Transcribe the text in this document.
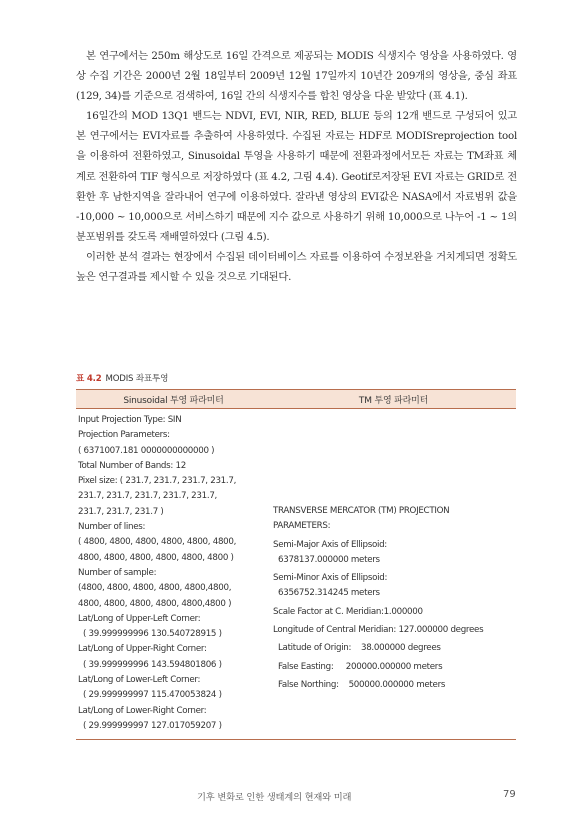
본 연구에서는 250m 해상도로 16일 간격으로 제공되는 MODIS 식생지수 영상을 사용하였다. 영상 수집 기간은 2000년 2월 18일부터 2009년 12월 17일까지 10년간 209개의 영상을, 중심 좌표 (129, 34)를 기준으로 검색하여, 16일 간의 식생지수를 합친 영상을 다운 받았다 (표 4.1).

16일간의 MOD 13Q1 밴드는 NDVI, EVI, NIR, RED, BLUE 등의 12개 밴드로 구성되어 있고 본 연구에서는 EVI자료를 추출하여 사용하였다. 수집된 자료는 HDF로 MODISreprojection tool을 이용하여 전환하였고, Sinusoidal 투영을 사용하기 때문에 전환과정에서모든 자료는 TM좌표 체계로 전환하여 TIF 형식으로 저장하였다 (표 4.2, 그림 4.4). Geotif로저장된 EVI 자료는 GRID로 전환한 후 남한지역을 잘라내어 연구에 이용하였다. 잘라낸 영상의 EVI값은 NASA에서 자료범위 값을 -10,000 ~ 10,000으로 서비스하기 때문에 지수 값으로 사용하기 위해 10,000으로 나누어 -1 ~ 1의 분포범위를 갖도록 재배열하였다 (그림 4.5).

이러한 분석 결과는 현장에서 수집된 데이터베이스 자료를 이용하여 수정보완을 거치게되면 정확도 높은 연구결과를 제시할 수 있을 것으로 기대된다.

표 4.2 MODIS 좌표투영
Sinusoidal 투영 파라미터	TM 투영 파라미터
Input Projection Type: SIN
Projection Parameters:
( 6371007.181 0000000000000 )
Total Number of Bands: 12
Pixel size: ( 231.7, 231.7, 231.7, 231.7,
231.7, 231.7, 231.7, 231.7, 231.7,
231.7, 231.7, 231.7 )
Number of lines:
( 4800, 4800, 4800, 4800, 4800, 4800,
4800, 4800, 4800, 4800, 4800, 4800 )
Number of sample:
(4800, 4800, 4800, 4800, 4800,4800,
4800, 4800, 4800, 4800, 4800,4800 )
Lat/Long of Upper-Left Corner:
( 39.999999996 130.540728915 )
Lat/Long of Upper-Right Corner:
( 39.999999996 143.594801806 )
Lat/Long of Lower-Left Corner:
( 29.999999997 115.470053824 )
Lat/Long of Lower-Right Corner:
( 29.999999997 127.017059207 )
TRANSVERSE MERCATOR (TM) PROJECTION
PARAMETERS:
Semi-Major Axis of Ellipsoid:
6378137.000000 meters
Semi-Minor Axis of Ellipsoid:
6356752.314245 meters
Scale Factor at C. Meridian:1.000000
Longitude of Central Meridian: 127.000000 degrees
Latitude of Origin:    38.000000 degrees
False Easting:     200000.000000 meters
False Northing:    500000.000000 meters
기후 변화로 인한 생태계의 현재와 미래	79
